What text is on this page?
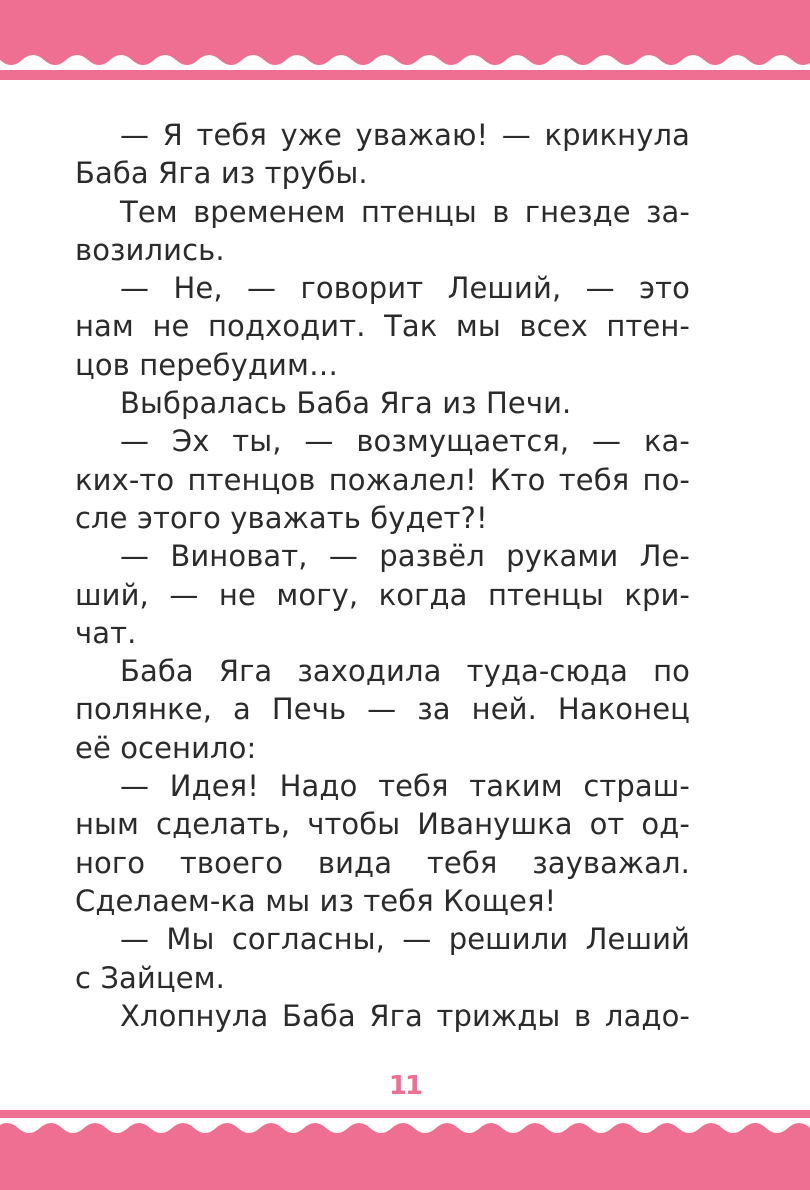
— Я тебя уже уважаю! — крикнула
Баба Яга из трубы.
Тем временем птенцы в гнезде за-
возились.
— Не, — говорит Леший, — это
нам не подходит. Так мы всех птен-
цов перебудим…
Выбралась Баба Яга из Печи.
— Эх ты, — возмущается, — ка-
ких-то птенцов пожалел! Кто тебя по-
сле этого уважать будет?!
— Виноват, — развёл руками Ле-
ший, — не могу, когда птенцы кри-
чат.
Баба Яга заходила туда-сюда по
полянке, а Печь — за ней. Наконец
её осенило:
— Идея! Надо тебя таким страш-
ным сделать, чтобы Иванушка от од-
ного твоего вида тебя зауважал.
Сделаем-ка мы из тебя Кощея!
— Мы согласны, — решили Леший
с Зайцем.
Хлопнула Баба Яга трижды в ладо-
11
